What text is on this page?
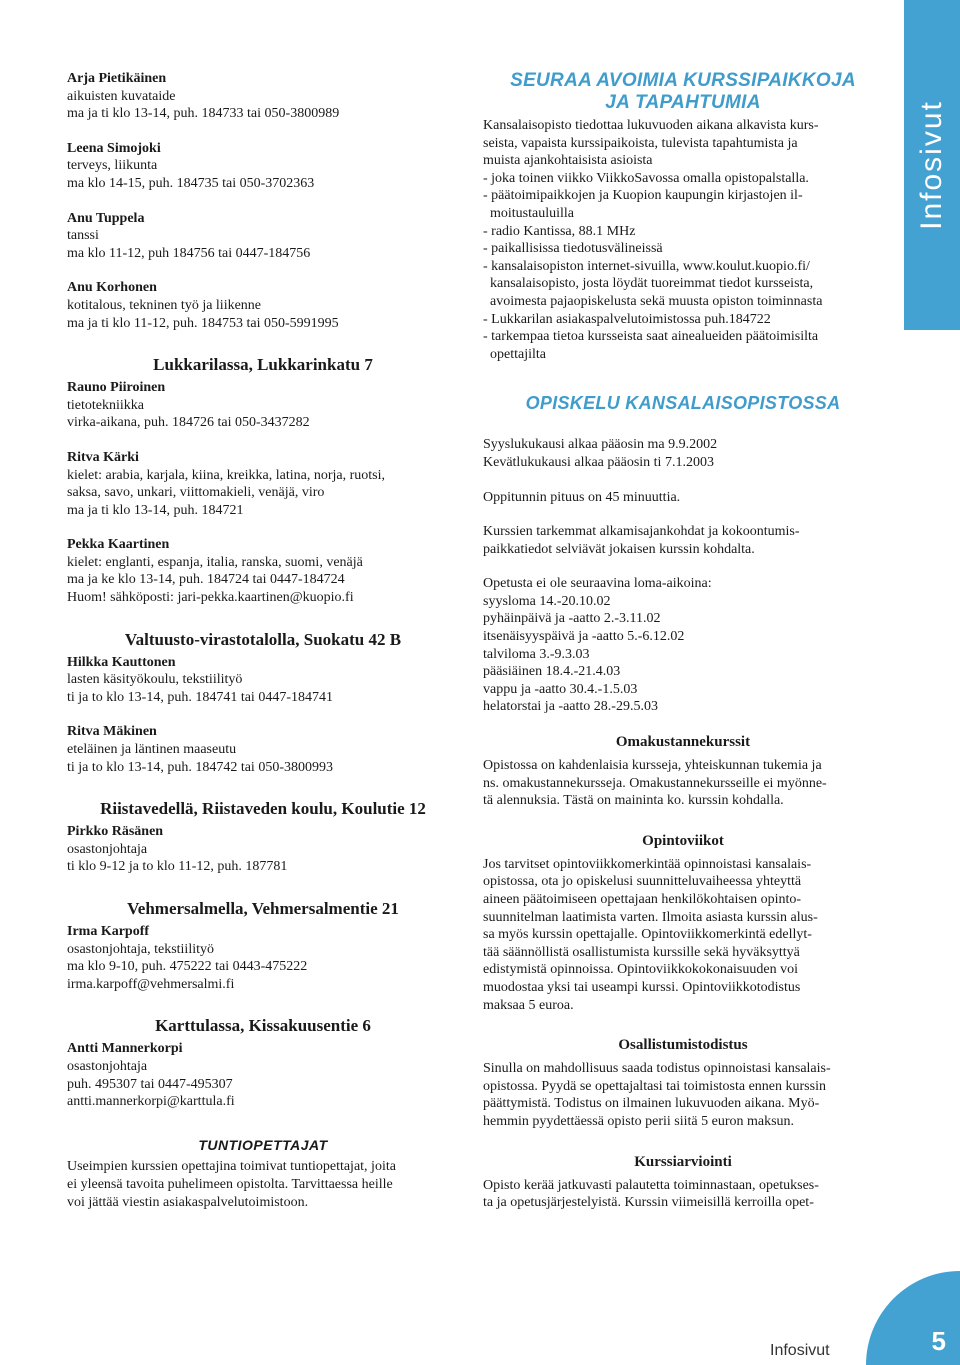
Infosivut

Arja Pietikäinen

aikuisten kuvataide

ma ja ti klo 13-14, puh. 184733 tai 050-3800989

Leena Simojoki

terveys, liikunta

ma klo 14-15, puh. 184735 tai 050-3702363

Anu Tuppela

tanssi

ma klo 11-12, puh 184756 tai 0447-184756

Anu Korhonen

kotitalous, tekninen työ ja liikenne

ma ja ti klo 11-12, puh. 184753 tai 050-5991995

Lukkarilassa, Lukkarinkatu 7

Rauno Piiroinen

tietotekniikka

virka-aikana, puh. 184726 tai 050-3437282

Ritva Kärki

kielet: arabia, karjala, kiina, kreikka, latina, norja, ruotsi,

saksa, savo, unkari, viittomakieli, venäjä, viro

ma ja ti klo 13-14, puh. 184721

Pekka Kaartinen

kielet: englanti, espanja, italia, ranska, suomi, venäjä

ma ja ke klo 13-14, puh. 184724 tai 0447-184724

Huom! sähköposti: jari-pekka.kaartinen@kuopio.fi

Valtuusto-virastotalolla, Suokatu 42 B

Hilkka Kauttonen

lasten käsityökoulu, tekstiilityö

ti ja to klo 13-14, puh. 184741 tai 0447-184741

Ritva Mäkinen

eteläinen ja läntinen maaseutu

ti ja to klo 13-14, puh. 184742 tai 050-3800993

Riistavedellä, Riistaveden koulu, Koulutie 12

Pirkko Räsänen

osastonjohtaja

ti klo 9-12 ja to klo 11-12, puh. 187781

Vehmersalmella, Vehmersalmentie 21

Irma Karpoff

osastonjohtaja, tekstiilityö

ma klo 9-10, puh. 475222 tai 0443-475222

irma.karpoff@vehmersalmi.fi

Karttulassa, Kissakuusentie 6

Antti Mannerkorpi

osastonjohtaja

puh. 495307 tai 0447-495307

antti.mannerkorpi@karttula.fi

TUNTIOPETTAJAT

Useimpien kurssien opettajina toimivat tuntiopettajat, joita

ei yleensä tavoita puhelimeen opistolta. Tarvittaessa heille

voi jättää viestin asiakaspalvelutoimistoon.

SEURAA AVOIMIA KURSSIPAIKKOJA
JA TAPAHTUMIA

Kansalaisopisto tiedottaa lukuvuoden aikana alkavista kurs-

seista, vapaista kurssipaikoista, tulevista tapahtumista ja

muista ajankohtaisista asioista

- joka toinen viikko ViikkoSavossa omalla opistopalstalla.

- päätoimipaikkojen ja Kuopion kaupungin kirjastojen il-

moitustauluilla

- radio Kantissa, 88.1 MHz

- paikallisissa tiedotusvälineissä

- kansalaisopiston internet-sivuilla, www.koulut.kuopio.fi/

kansalaisopisto, josta löydät tuoreimmat tiedot kursseista,

avoimesta pajaopiskelusta sekä muusta opiston toiminnasta

- Lukkarilan asiakaspalvelutoimistossa puh.184722

- tarkempaa tietoa kursseista saat ainealueiden päätoimisilta

opettajilta

OPISKELU KANSALAISOPISTOSSA

Syyslukukausi alkaa pääosin ma 9.9.2002

Kevätlukukausi alkaa pääosin ti 7.1.2003

Oppitunnin pituus on 45 minuuttia.

Kurssien tarkemmat alkamisajankohdat ja kokoontumis-

paikkatiedot selviävät jokaisen kurssin kohdalta.

Opetusta ei ole seuraavina loma-aikoina:

syysloma 14.-20.10.02

pyhäinpäivä ja -aatto 2.-3.11.02

itsenäisyyspäivä ja -aatto 5.-6.12.02

talviloma 3.-9.3.03

pääsiäinen 18.4.-21.4.03

vappu ja -aatto 30.4.-1.5.03

helatorstai ja -aatto 28.-29.5.03

Omakustannekurssit

Opistossa on kahdenlaisia kursseja, yhteiskunnan tukemia ja

ns. omakustannekursseja. Omakustannekursseille ei myönne-

tä alennuksia. Tästä on maininta ko. kurssin kohdalla.

Opintoviikot

Jos tarvitset opintoviikkomerkintää opinnoistasi kansalais-

opistossa, ota jo opiskelusi suunnitteluvaiheessa yhteyttä

aineen päätoimiseen opettajaan henkilökohtaisen opinto-

suunnitelman laatimista varten. Ilmoita asiasta kurssin alus-

sa myös kurssin opettajalle. Opintoviikkomerkintä edellyt-

tää säännöllistä osallistumista kurssille sekä hyväksyttyä

edistymistä opinnoissa. Opintoviikkokokonaisuuden voi

muodostaa yksi tai useampi kurssi. Opintoviikkotodistus

maksaa 5 euroa.

Osallistumistodistus

Sinulla on mahdollisuus saada todistus opinnoistasi kansalais-

opistossa. Pyydä se opettajaltasi tai toimistosta ennen kurssin

päättymistä. Todistus on ilmainen lukuvuoden aikana. Myö-

hemmin pyydettäessä opisto perii siitä 5 euron maksun.

Kurssiarviointi

Opisto kerää jatkuvasti palautetta toiminnastaan, opetukses-

ta ja opetusjärjestelyistä. Kurssin viimeisillä kerroilla opet-

Infosivut	5
